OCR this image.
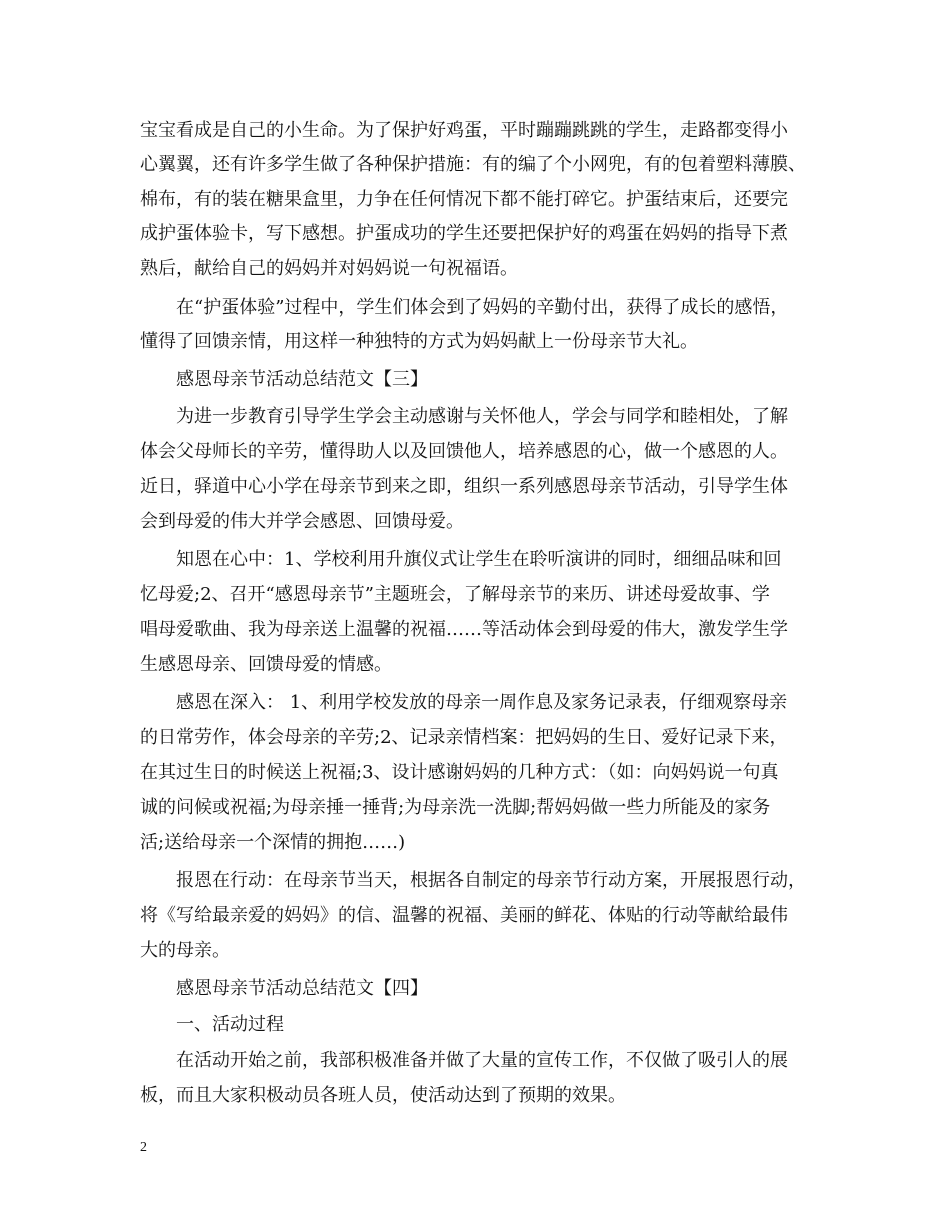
宝宝看成是自己的小生命。为了保护好鸡蛋，平时蹦蹦跳跳的学生，走路都变得小
心翼翼，还有许多学生做了各种保护措施：有的编了个小网兜，有的包着塑料薄膜、
棉布，有的装在糖果盒里，力争在任何情况下都不能打碎它。护蛋结束后，还要完
成护蛋体验卡，写下感想。护蛋成功的学生还要把保护好的鸡蛋在妈妈的指导下煮
熟后，献给自己的妈妈并对妈妈说一句祝福语。
在“护蛋体验”过程中，学生们体会到了妈妈的辛勤付出，获得了成长的感悟，
懂得了回馈亲情，用这样一种独特的方式为妈妈献上一份母亲节大礼。
感恩母亲节活动总结范文【三】
为进一步教育引导学生学会主动感谢与关怀他人，学会与同学和睦相处，了解
体会父母师长的辛劳，懂得助人以及回馈他人，培养感恩的心，做一个感恩的人。
近日，驿道中心小学在母亲节到来之即，组织一系列感恩母亲节活动，引导学生体
会到母爱的伟大并学会感恩、回馈母爱。
知恩在心中：1、学校利用升旗仪式让学生在聆听演讲的同时，细细品味和回
忆母爱;2、召开“感恩母亲节”主题班会，了解母亲节的来历、讲述母爱故事、学
唱母爱歌曲、我为母亲送上温馨的祝福……等活动体会到母爱的伟大，激发学生学
生感恩母亲、回馈母爱的情感。
感恩在深入： 1、利用学校发放的母亲一周作息及家务记录表，仔细观察母亲
的日常劳作，体会母亲的辛劳;2、记录亲情档案：把妈妈的生日、爱好记录下来，
在其过生日的时候送上祝福;3、设计感谢妈妈的几种方式：（如：向妈妈说一句真
诚的问候或祝福;为母亲捶一捶背;为母亲洗一洗脚;帮妈妈做一些力所能及的家务
活;送给母亲一个深情的拥抱……)
报恩在行动：在母亲节当天，根据各自制定的母亲节行动方案，开展报恩行动，
将《写给最亲爱的妈妈》的信、温馨的祝福、美丽的鲜花、体贴的行动等献给最伟
大的母亲。
感恩母亲节活动总结范文【四】
一、活动过程
在活动开始之前，我部积极准备并做了大量的宣传工作，不仅做了吸引人的展
板，而且大家积极动员各班人员，使活动达到了预期的效果。
2
